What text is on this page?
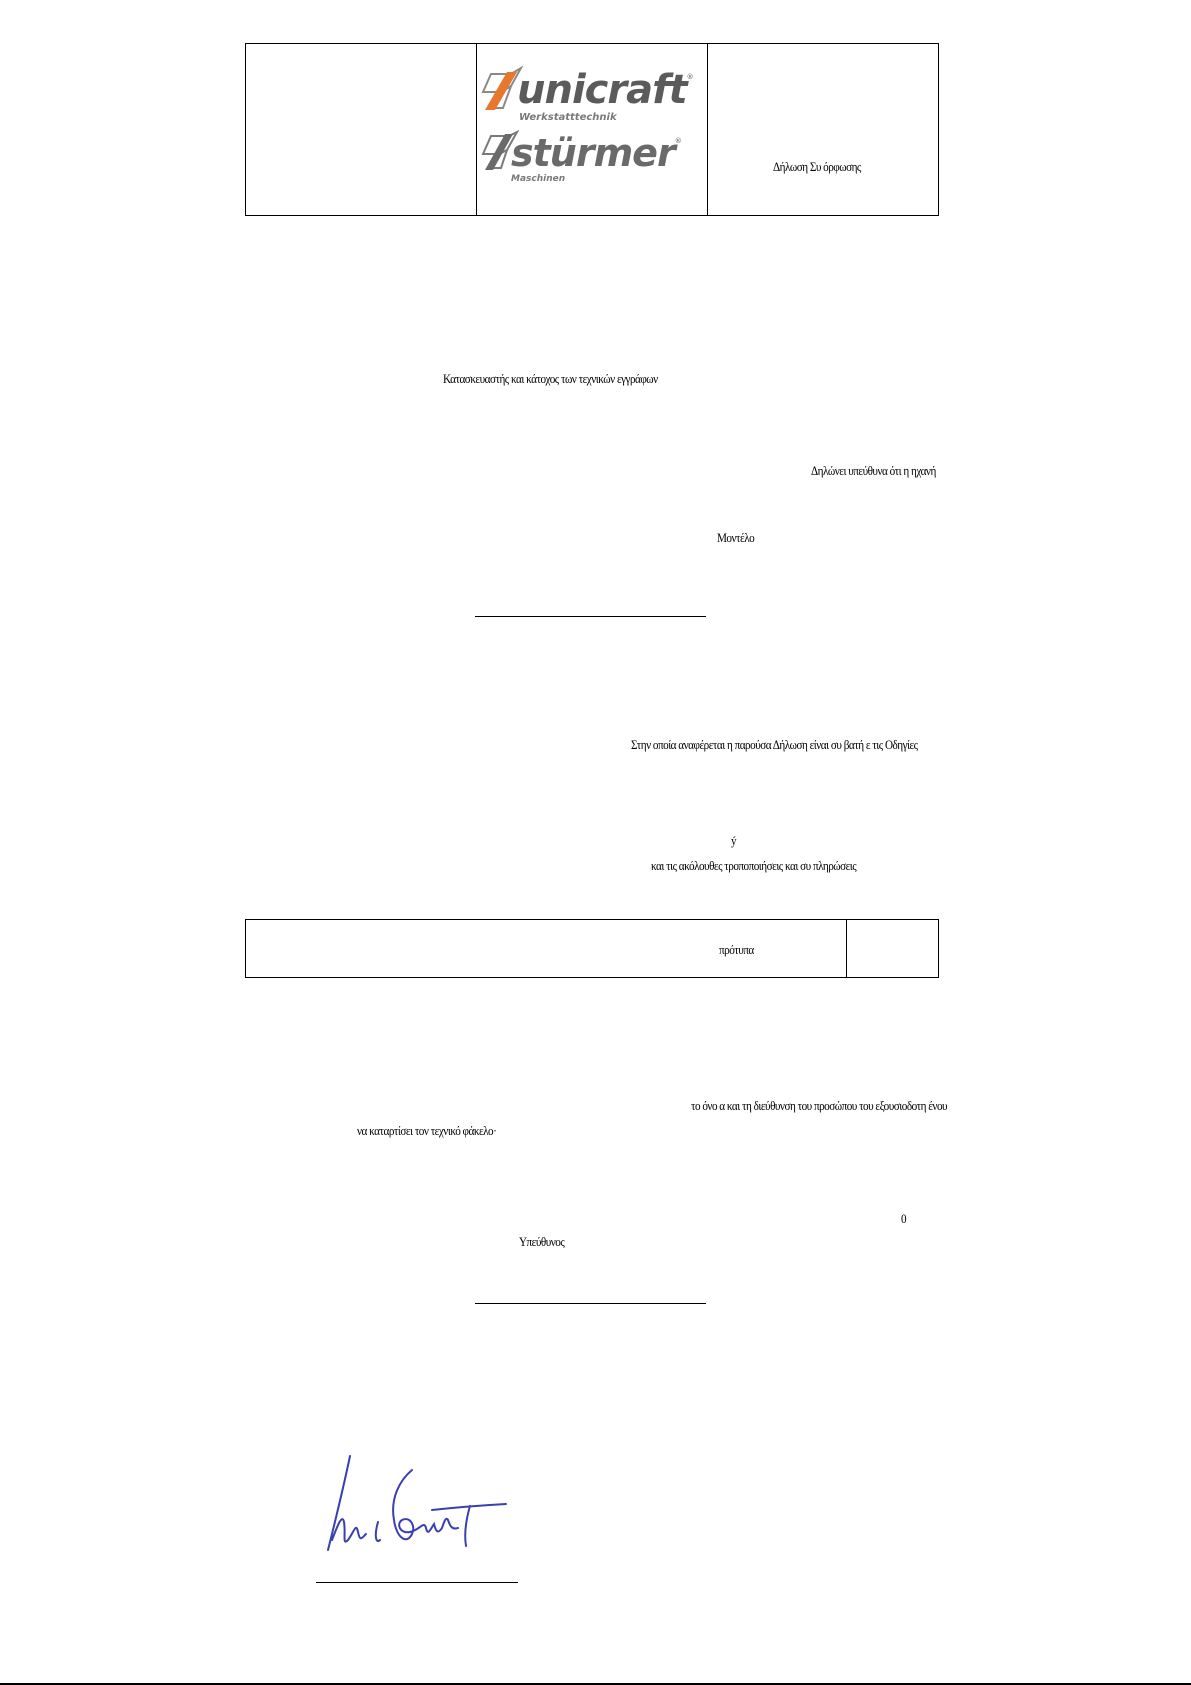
unicraft ®
Werkstatttechnik
stürmer ®
Maschinen
Δήλωση Συ όρφωσης
Κατασκευαστής και κάτοχος των τεχνικών εγγράφων
Δηλώνει υπεύθυνα ότι η ηχανή
Μοντέλο
Στην οποία αναφέρεται η παρούσα Δήλωση είναι συ βατή ε τις Οδηγίες
ý
και τις ακόλουθες τροποποιήσεις και συ πληρώσεις
πρότυπα
το όνο α και τη διεύθυνση του προσώπου του εξουσιοδοτη ένου
να καταρτίσει τον τεχνικό φάκελο·
0
Υπεύθυνος
